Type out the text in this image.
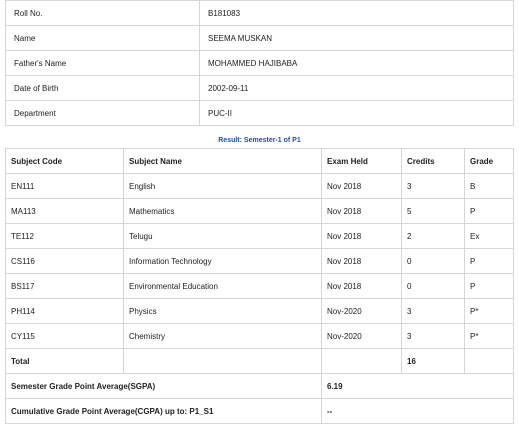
Roll No.	B181083
Name	SEEMA MUSKAN
Father's Name	MOHAMMED HAJIBABA
Date of Birth	2002-09-11
Department	PUC-II
Result: Semester-1 of P1
Subject Code	Subject Name	Exam Held	Credits	Grade
EN111	English	Nov 2018	3	B
MA113	Mathematics	Nov 2018	5	P
TE112	Telugu	Nov 2018	2	Ex
CS116	Information Technology	Nov 2018	0	P
BS117	Environmental Education	Nov 2018	0	P
PH114	Physics	Nov-2020	3	P*
CY115	Chemistry	Nov-2020	3	P*
Total			16	
Semester Grade Point Average(SGPA)		6.19		
Cumulative Grade Point Average(CGPA) up to: P1_S1		--		
